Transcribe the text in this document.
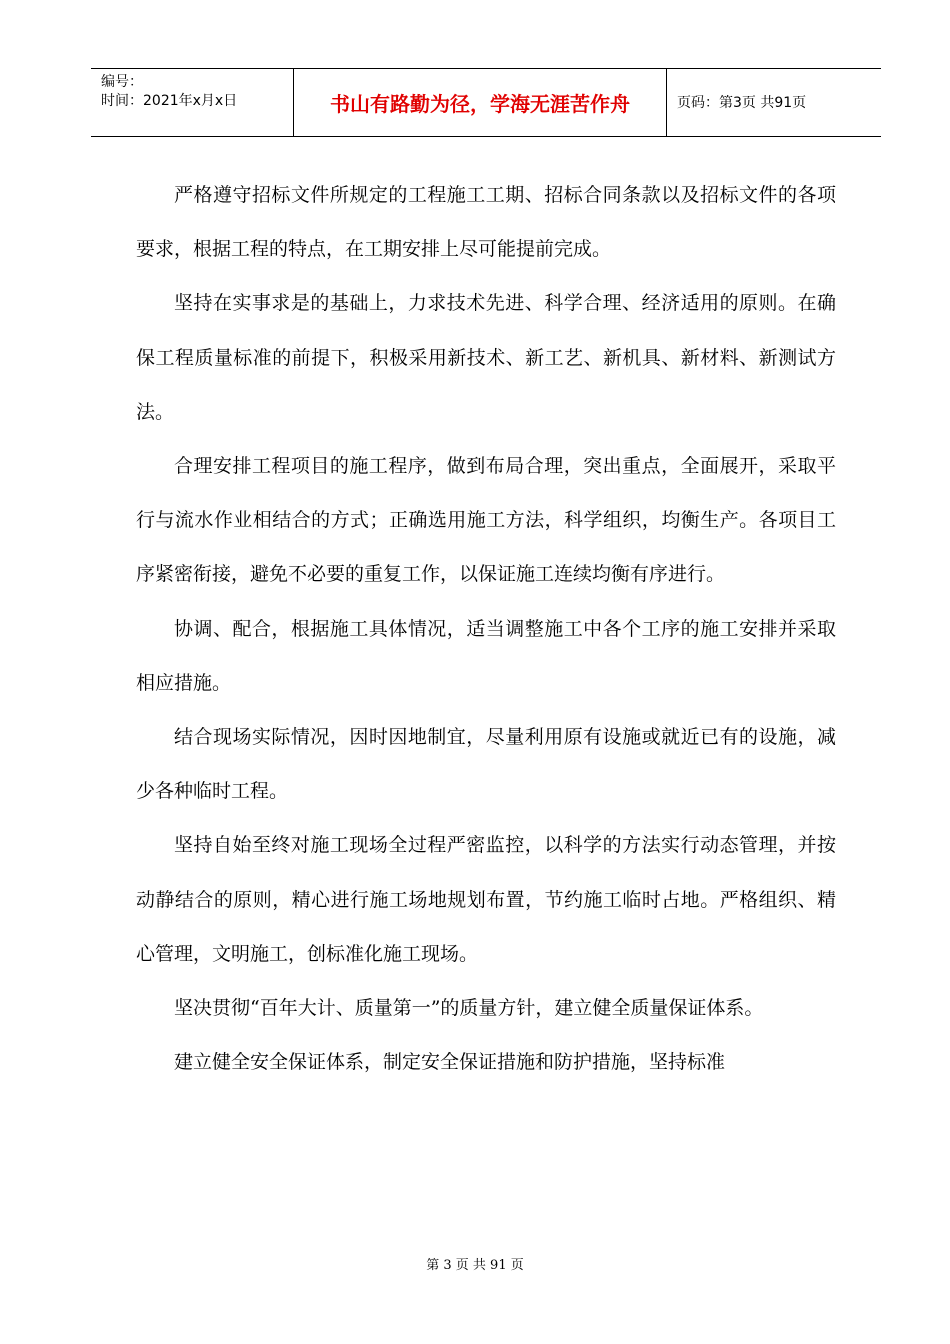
编号：
时间：2021年x月x日	书山有路勤为径，学海无涯苦作舟	页码：第3页 共91页

严格遵守招标文件所规定的工程施工工期、招标合同条款以及招标文件的各项要求，根据工程的特点，在工期安排上尽可能提前完成。

坚持在实事求是的基础上，力求技术先进、科学合理、经济适用的原则。在确保工程质量标准的前提下，积极采用新技术、新工艺、新机具、新材料、新测试方法。

合理安排工程项目的施工程序，做到布局合理，突出重点，全面展开，采取平行与流水作业相结合的方式；正确选用施工方法，科学组织，均衡生产。各项目工序紧密衔接，避免不必要的重复工作，以保证施工连续均衡有序进行。

协调、配合，根据施工具体情况，适当调整施工中各个工序的施工安排并采取相应措施。

结合现场实际情况，因时因地制宜，尽量利用原有设施或就近已有的设施，减少各种临时工程。

坚持自始至终对施工现场全过程严密监控，以科学的方法实行动态管理，并按动静结合的原则，精心进行施工场地规划布置，节约施工临时占地。严格组织、精心管理，文明施工，创标准化施工现场。

坚决贯彻“百年大计、质量第一”的质量方针，建立健全质量保证体系。

建立健全安全保证体系，制定安全保证措施和防护措施，坚持标准

第 3 页 共 91 页
